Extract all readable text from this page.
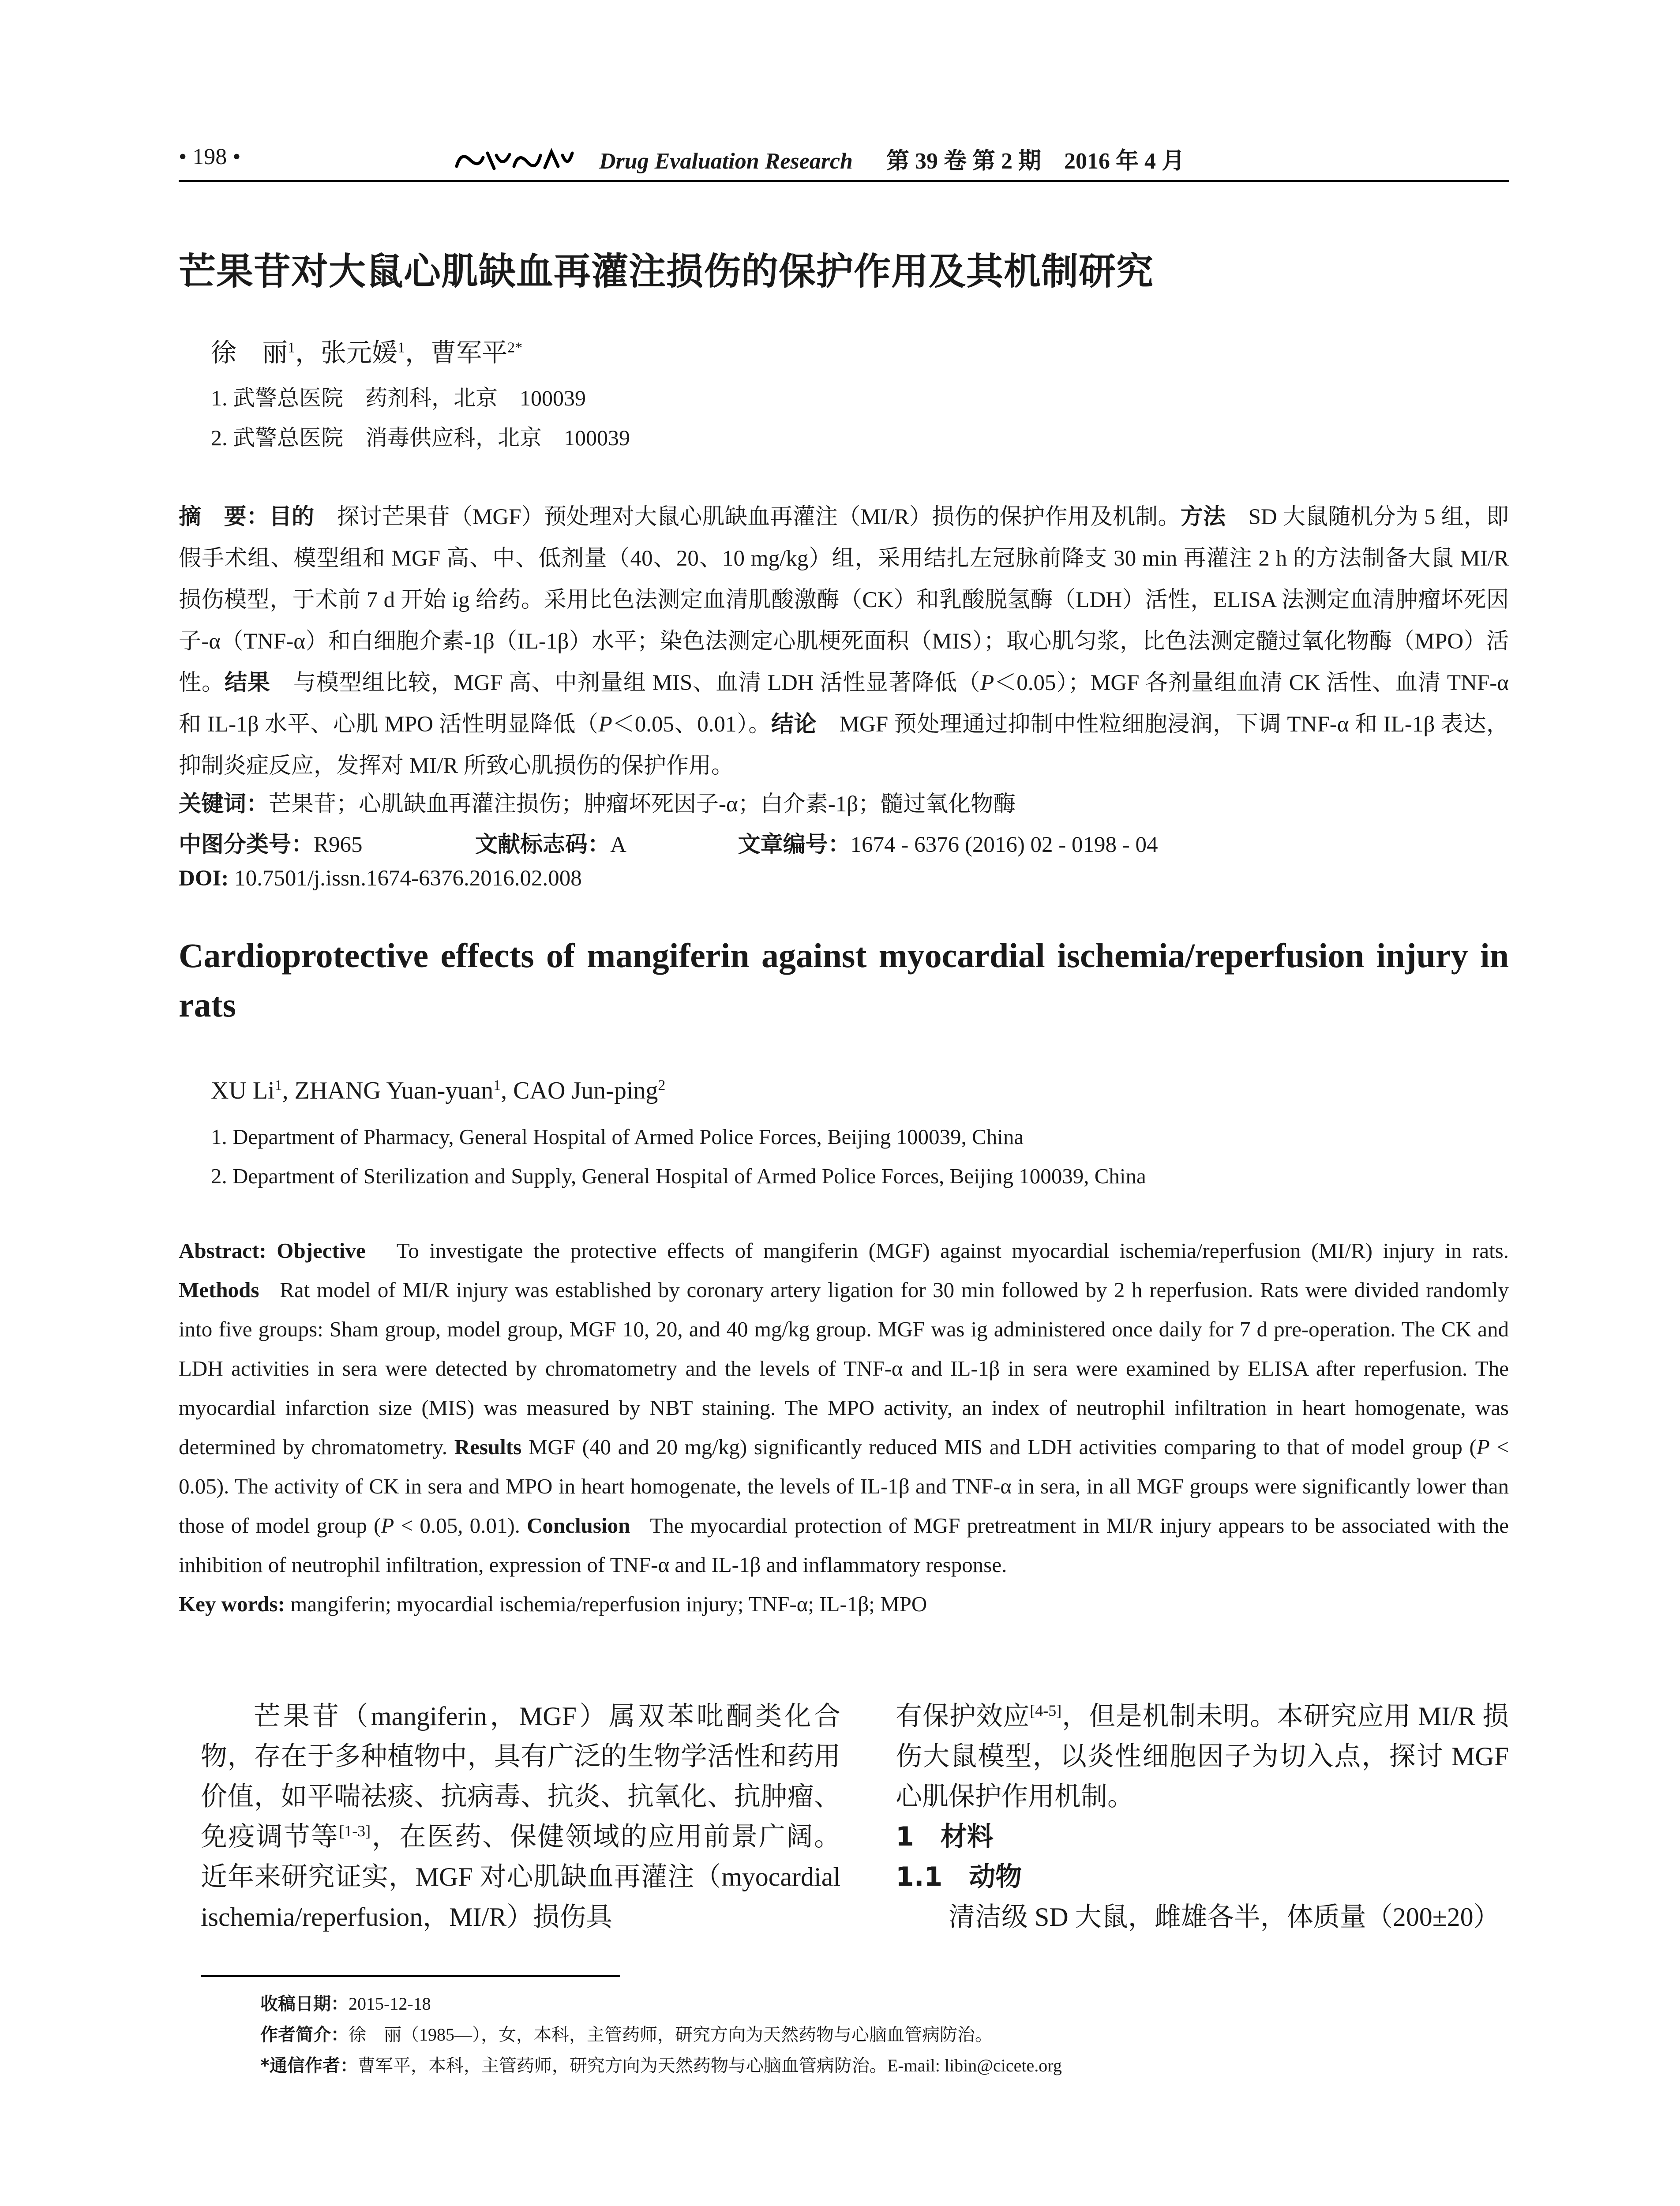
• 198 •	Drug Evaluation Research 第 39 卷 第 2 期　2016 年 4 月
芒果苷对大鼠心肌缺血再灌注损伤的保护作用及其机制研究
徐　丽$^1$，张元媛$^1$，曹军平$^{2*}$
1. 武警总医院　药剂科，北京　100039
2. 武警总医院　消毒供应科，北京　100039
摘　要：目的　 探讨芒果苷（MGF）预处理对大鼠心肌缺血再灌注（MI/R）损伤的保护作用及机制。方法　 SD 大鼠随机分为 5 组，即假手术组、模型组和 MGF 高、中、低剂量（40、20、10 mg/kg）组，采用结扎左冠脉前降支 30 min 再灌注 2 h 的方法制备大鼠 MI/R 损伤模型，于术前 7 d 开始 ig 给药。采用比色法测定血清肌酸激酶（CK）和乳酸脱氢酶（LDH）活性，ELISA 法测定血清肿瘤坏死因子-α（TNF-α）和白细胞介素-1β（IL-1β）水平；染色法测定心肌梗死面积（MIS）；取心肌匀浆，比色法测定髓过氧化物酶（MPO）活性。结果　 与模型组比较，MGF 高、中剂量组 MIS、血清 LDH 活性显著降低（P＜0.05）；MGF 各剂量组血清 CK 活性、血清 TNF-α 和 IL-1β 水平、心肌 MPO 活性明显降低（P＜0.05、0.01）。结论　 MGF 预处理通过抑制中性粒细胞浸润，下调 TNF-α 和 IL-1β 表达，抑制炎症反应，发挥对 MI/R 所致心肌损伤的保护作用。
关键词：芒果苷；心肌缺血再灌注损伤；肿瘤坏死因子-α；白介素-1β；髓过氧化物酶
中图分类号：R965	文献标志码：A	文章编号：1674 - 6376 (2016) 02 - 0198 - 04
DOI: 10.7501/j.issn.1674-6376.2016.02.008
Cardioprotective effects of mangiferin against myocardial ischemia/reperfusion injury in rats
XU Li$^1$, ZHANG Yuan-yuan$^1$, CAO Jun-ping$^2$
1. Department of Pharmacy, General Hospital of Armed Police Forces, Beijing 100039, China
2. Department of Sterilization and Supply, General Hospital of Armed Police Forces, Beijing 100039, China
Abstract: Objective To investigate the protective effects of mangiferin (MGF) against myocardial ischemia/reperfusion (MI/R) injury in rats. Methods Rat model of MI/R injury was established by coronary artery ligation for 30 min followed by 2 h reperfusion. Rats were divided randomly into five groups: Sham group, model group, MGF 10, 20, and 40 mg/kg group. MGF was ig administered once daily for 7 d pre-operation. The CK and LDH activities in sera were detected by chromatometry and the levels of TNF-α and IL-1β in sera were examined by ELISA after reperfusion. The myocardial infarction size (MIS) was measured by NBT staining. The MPO activity, an index of neutrophil infiltration in heart homogenate, was determined by chromatometry. Results MGF (40 and 20 mg/kg) significantly reduced MIS and LDH activities comparing to that of model group (P < 0.05). The activity of CK in sera and MPO in heart homogenate, the levels of IL-1β and TNF-α in sera, in all MGF groups were significantly lower than those of model group (P < 0.05, 0.01). Conclusion The myocardial protection of MGF pretreatment in MI/R injury appears to be associated with the inhibition of neutrophil infiltration, expression of TNF-α and IL-1β and inflammatory response.
Key words: mangiferin; myocardial ischemia/reperfusion injury; TNF-α; IL-1β; MPO
芒果苷（mangiferin，MGF）属双苯吡酮类化合物，存在于多种植物中，具有广泛的生物学活性和药用价值，如平喘祛痰、抗病毒、抗炎、抗氧化、抗肿瘤、免疫调节等[1-3]，在医药、保健领域的应用前景广阔。近年来研究证实，MGF 对心肌缺血再灌注（myocardial ischemia/reperfusion，MI/R）损伤具
有保护效应[4-5]，但是机制未明。本研究应用 MI/R 损伤大鼠模型，以炎性细胞因子为切入点，探讨 MGF 心肌保护作用机制。
1　材料
1.1　动物
清洁级 SD 大鼠，雌雄各半，体质量（200±20）
收稿日期：2015-12-18
作者简介：徐　丽（1985—），女，本科，主管药师，研究方向为天然药物与心脑血管病防治。
*通信作者：曹军平，本科，主管药师，研究方向为天然药物与心脑血管病防治。E-mail: libin@cicete.org
